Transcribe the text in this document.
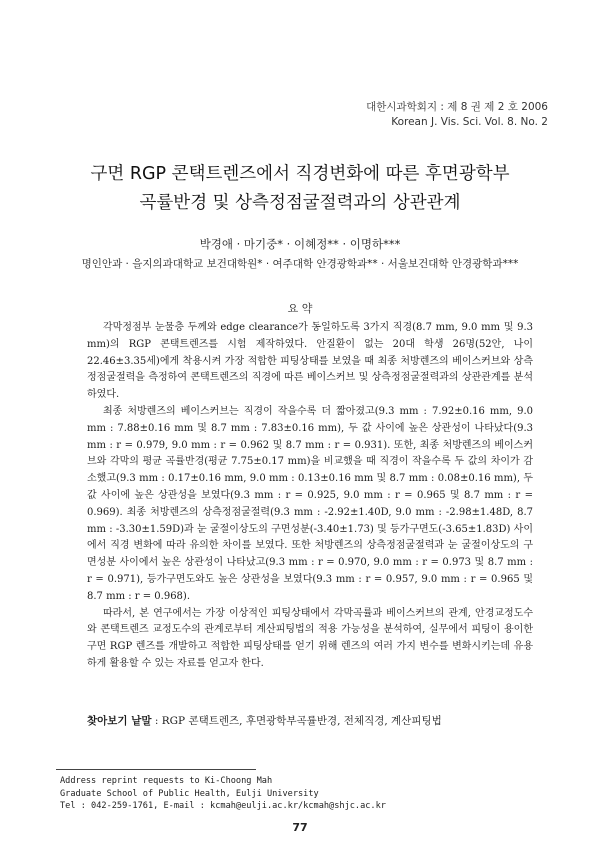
대한시과학회지 : 제 8 권 제 2 호 2006
Korean J. Vis. Sci. Vol. 8. No. 2
구면 RGP 콘택트렌즈에서 직경변화에 따른 후면광학부
곡률반경 및 상측정점굴절력과의 상관관계
박경애 · 마기중* · 이혜정** · 이명하***
명인안과 · 을지의과대학교 보건대학원* · 여주대학 안경광학과** · 서울보건대학 안경광학과***
요 약

각막정점부 눈물층 두께와 edge clearance가 동일하도록 3가지 직경(8.7 mm, 9.0 mm 및 9.3 mm)의 RGP 콘택트렌즈를 시험 제작하였다. 안질환이 없는 20대 학생 26명(52안, 나이 22.46±3.35세)에게 착용시켜 가장 적합한 피팅상태를 보였을 때 최종 처방렌즈의 베이스커브와 상측정점굴절력을 측정하여 콘택트렌즈의 직경에 따른 베이스커브 및 상측정점굴절력과의 상관관계를 분석하였다.

최종 처방렌즈의 베이스커브는 직경이 작을수록 더 짧아졌고(9.3 mm : 7.92±0.16 mm, 9.0 mm : 7.88±0.16 mm 및 8.7 mm : 7.83±0.16 mm), 두 값 사이에 높은 상관성이 나타났다(9.3 mm : r = 0.979, 9.0 mm : r = 0.962 및 8.7 mm : r = 0.931). 또한, 최종 처방렌즈의 베이스커브와 각막의 평균 곡률반경(평균 7.75±0.17 mm)을 비교했을 때 직경이 작을수록 두 값의 차이가 감소했고(9.3 mm : 0.17±0.16 mm, 9.0 mm : 0.13±0.16 mm 및 8.7 mm : 0.08±0.16 mm), 두 값 사이에 높은 상관성을 보였다(9.3 mm : r = 0.925, 9.0 mm : r = 0.965 및 8.7 mm : r = 0.969). 최종 처방렌즈의 상측정점굴절력(9.3 mm : -2.92±1.40D, 9.0 mm : -2.98±1.48D, 8.7 mm : -3.30±1.59D)과 눈 굴절이상도의 구면성분(-3.40±1.73) 및 등가구면도(-3.65±1.83D) 사이에서 직경 변화에 따라 유의한 차이를 보였다. 또한 처방렌즈의 상측정점굴절력과 눈 굴절이상도의 구면성분 사이에서 높은 상관성이 나타났고(9.3 mm : r = 0.970, 9.0 mm : r = 0.973 및 8.7 mm : r = 0.971), 등가구면도와도 높은 상관성을 보였다(9.3 mm : r = 0.957, 9.0 mm : r = 0.965 및 8.7 mm : r = 0.968).

따라서, 본 연구에서는 가장 이상적인 피팅상태에서 각막곡률과 베이스커브의 관계, 안경교정도수와 콘택트렌즈 교정도수의 관계로부터 계산피팅법의 적용 가능성을 분석하여, 실무에서 피팅이 용이한 구면 RGP 렌즈를 개발하고 적합한 피팅상태를 얻기 위해 렌즈의 여러 가지 변수를 변화시키는데 유용하게 활용할 수 있는 자료를 얻고자 한다.

찾아보기 낱말 : RGP 콘택트렌즈, 후면광학부곡률반경, 전체직경, 계산피팅법
Address reprint requests to Ki-Choong Mah
Graduate School of Public Health, Eulji University
Tel : 042-259-1761, E-mail : kcmah@eulji.ac.kr/kcmah@shjc.ac.kr
77
